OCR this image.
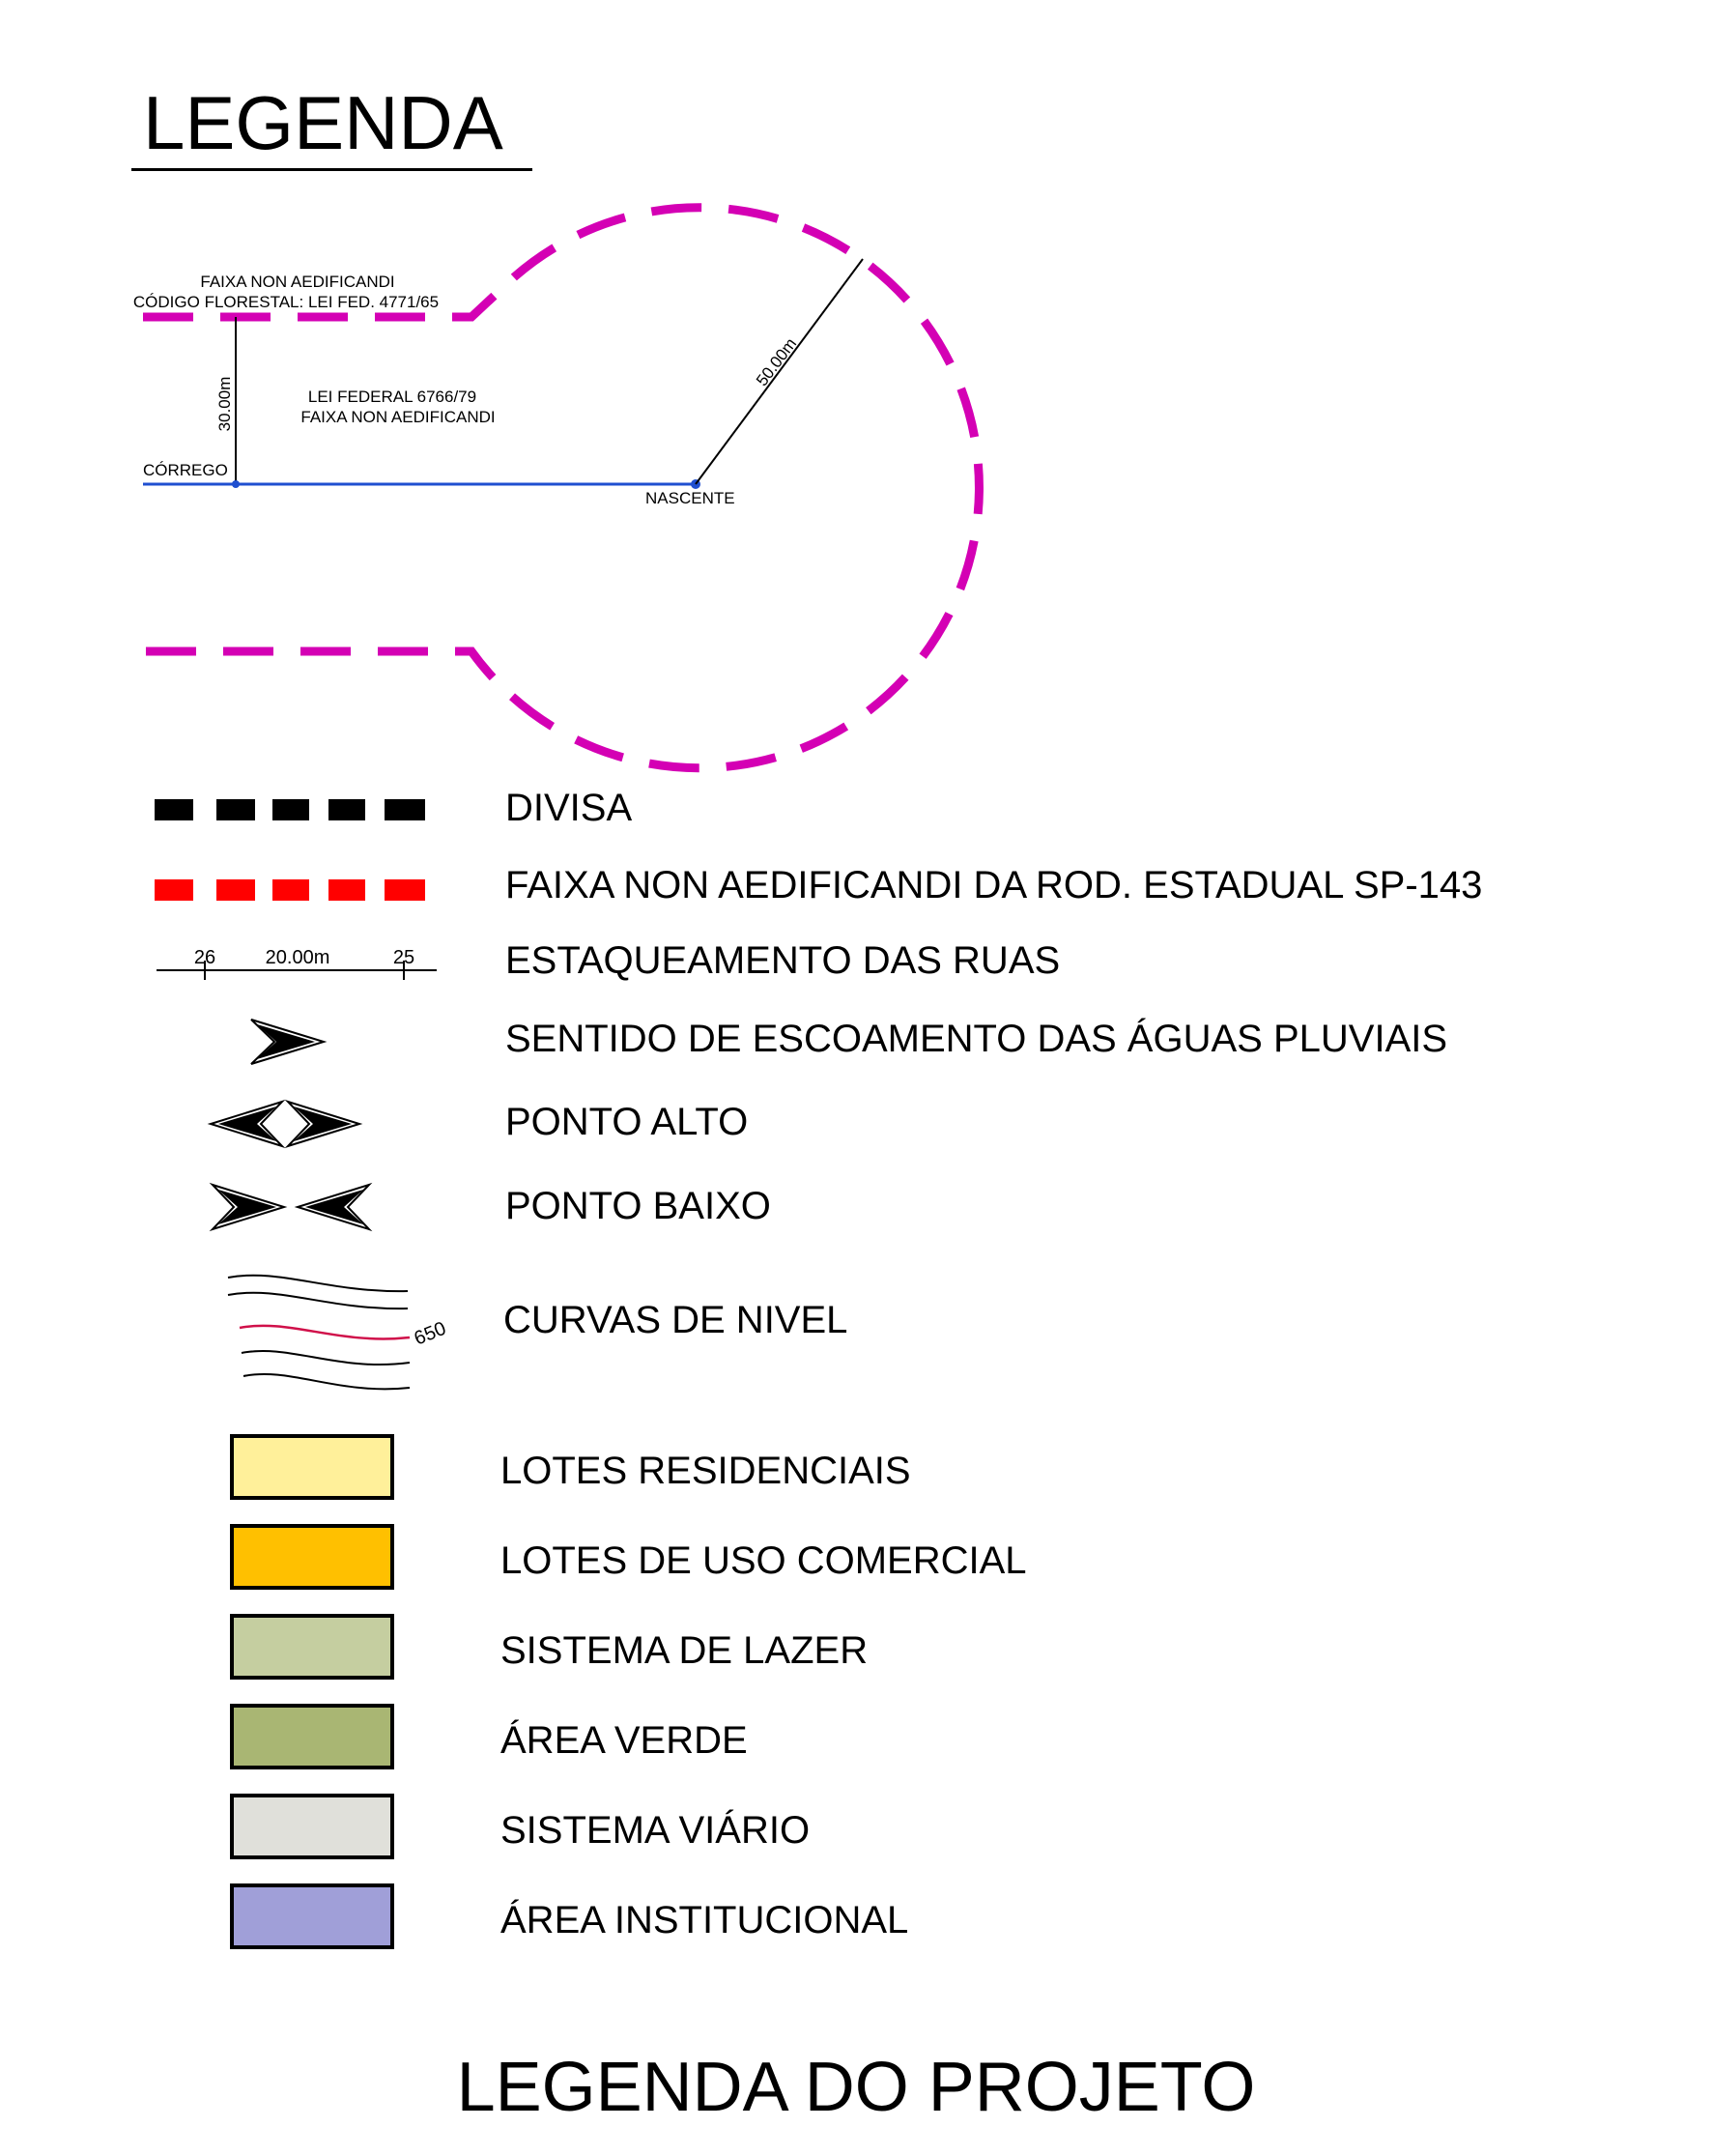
LEGENDA
FAIXA NON AEDIFICANDI
CÓDIGO FLORESTAL: LEI FED. 4771/65
LEI FEDERAL 6766/79
FAIXA NON AEDIFICANDI
30.00m
50.00m
CÓRREGO
NASCENTE
26	20.00m	25
650
DIVISA
FAIXA NON AEDIFICANDI DA ROD. ESTADUAL SP-143
ESTAQUEAMENTO DAS RUAS
SENTIDO DE ESCOAMENTO DAS ÁGUAS PLUVIAIS
PONTO ALTO
PONTO BAIXO
CURVAS DE NIVEL
LOTES RESIDENCIAIS
LOTES DE USO COMERCIAL
SISTEMA DE LAZER
ÁREA VERDE
SISTEMA VIÁRIO
ÁREA INSTITUCIONAL
LEGENDA DO PROJETO
